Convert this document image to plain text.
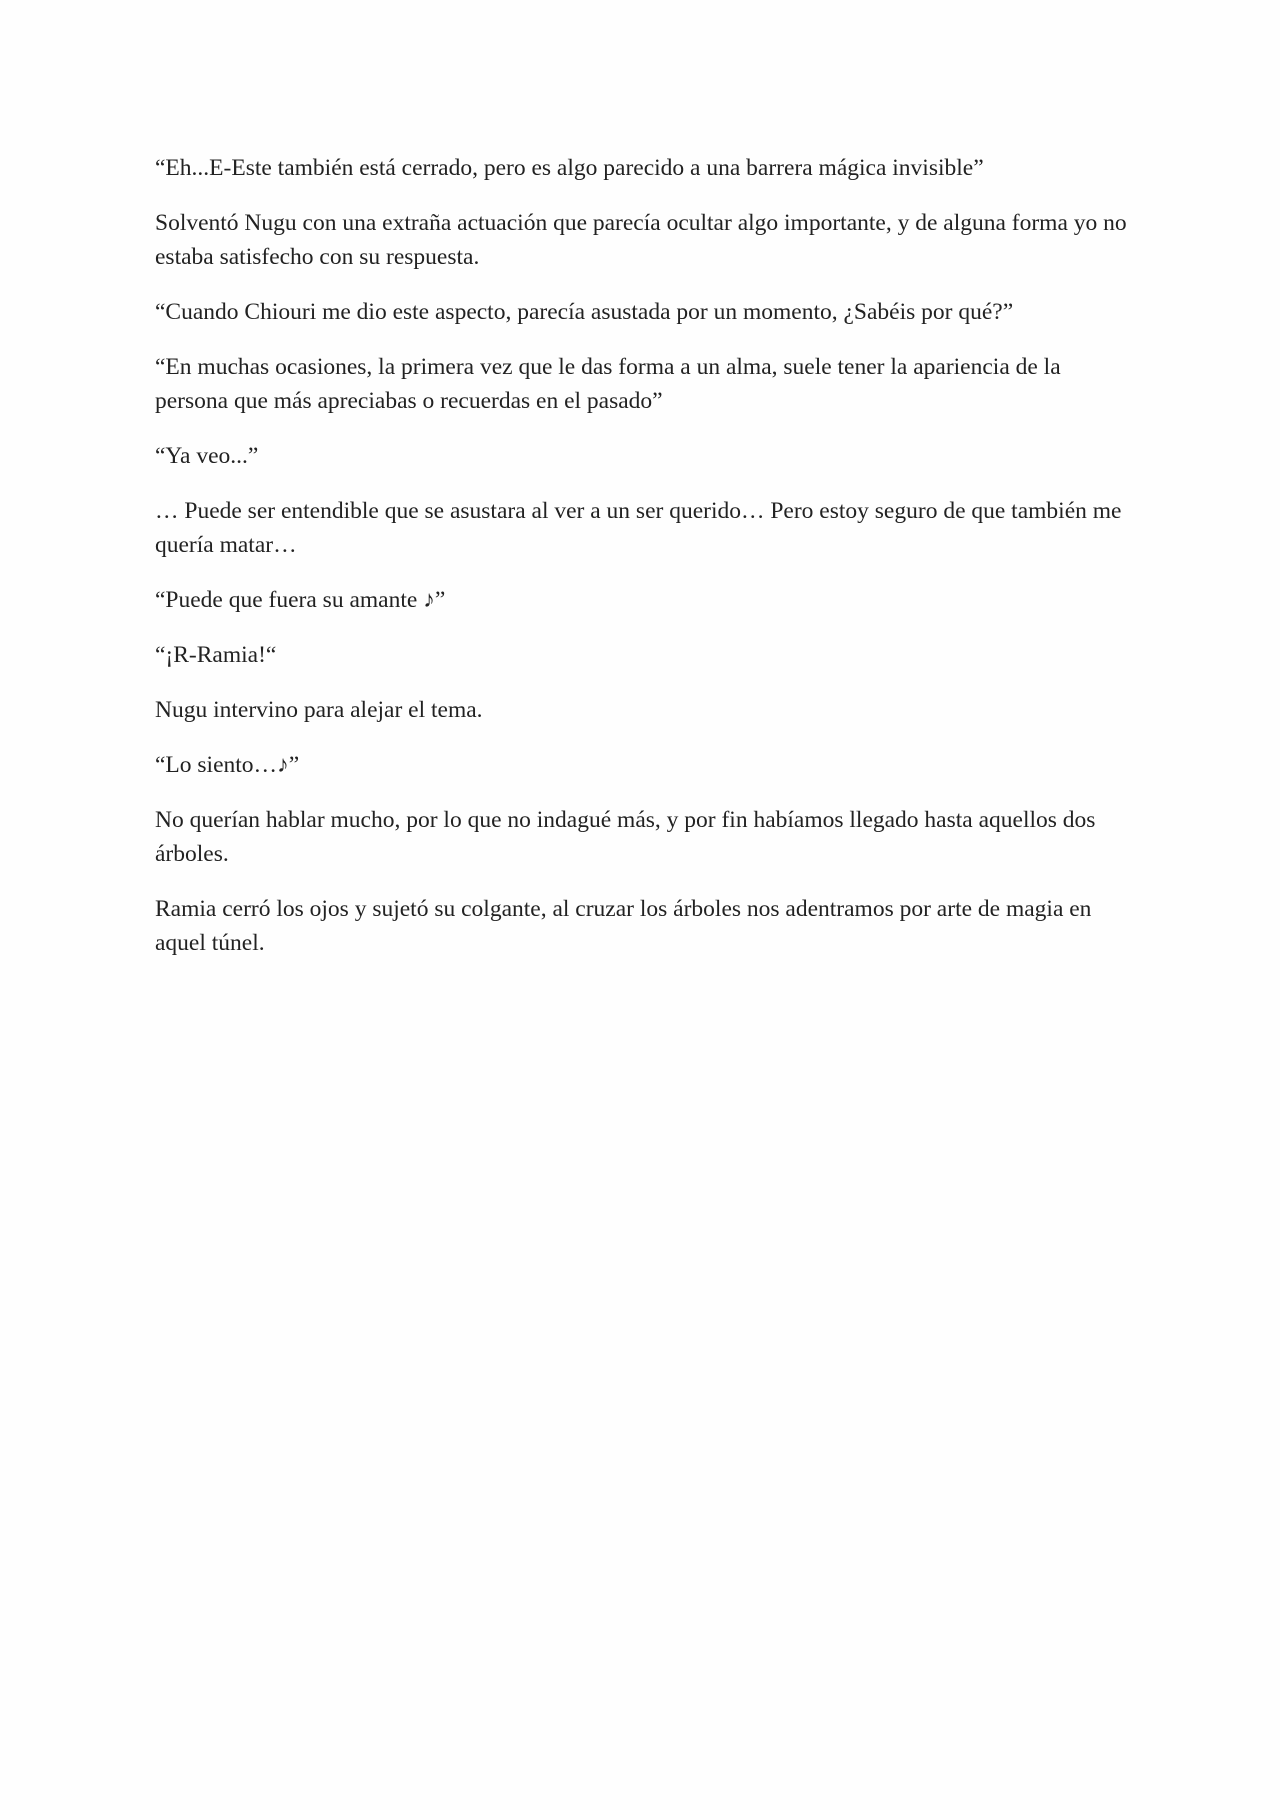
“Eh...E-Este también está cerrado, pero es algo parecido a una barrera mágica invisible”

Solventó Nugu con una extraña actuación que parecía ocultar algo importante, y de alguna forma yo no estaba satisfecho con su respuesta.

“Cuando Chiouri me dio este aspecto, parecía asustada por un momento, ¿Sabéis por qué?”

“En muchas ocasiones, la primera vez que le das forma a un alma, suele tener la apariencia de la persona que más apreciabas o recuerdas en el pasado”

“Ya veo...”

… Puede ser entendible que se asustara al ver a un ser querido… Pero estoy seguro de que también me quería matar…

“Puede que fuera su amante ♪”

“¡R-Ramia!“

Nugu intervino para alejar el tema.

“Lo siento…♪”

No querían hablar mucho, por lo que no indagué más, y por fin habíamos llegado hasta aquellos dos árboles.

Ramia cerró los ojos y sujetó su colgante, al cruzar los árboles nos adentramos por arte de magia en aquel túnel.
